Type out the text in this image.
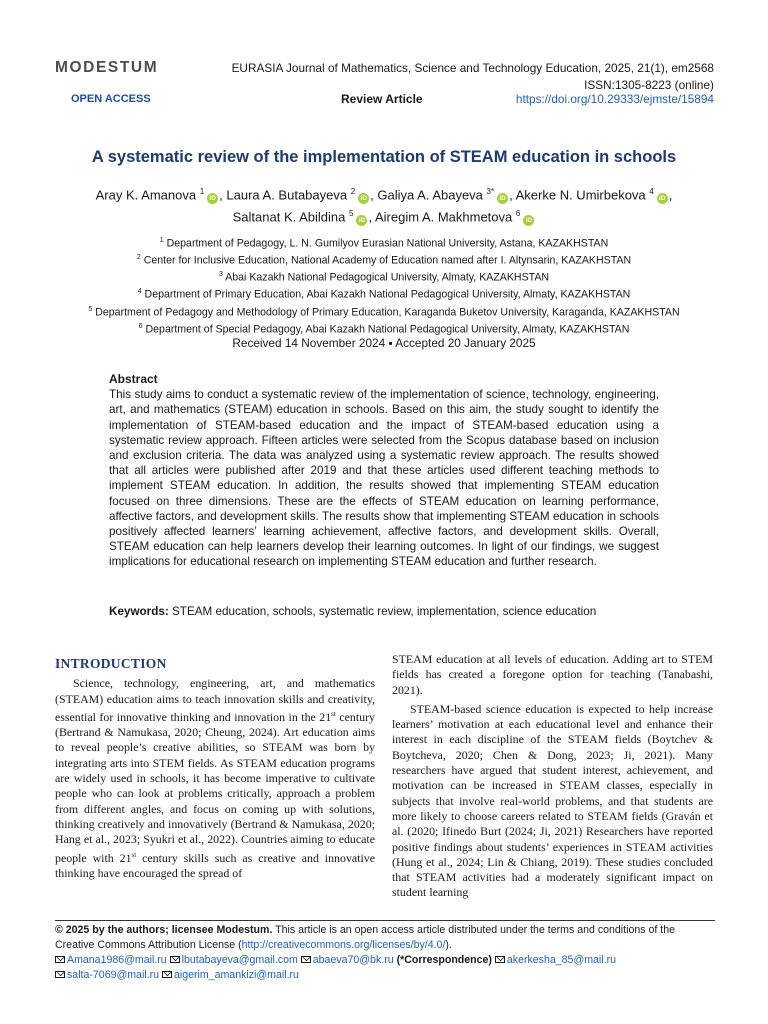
MODESTUM	EURASIA Journal of Mathematics, Science and Technology Education, 2025, 21(1), em2568
ISSN:1305-8223 (online)
OPEN ACCESS	Review Article	https://doi.org/10.29333/ejmste/15894
A systematic review of the implementation of STEAM education in schools
Aray K. Amanova $^1$iD , Laura A. Butabayeva $^2$iD , Galiya A. Abayeva $^{3*}$iD , Akerke N. Umirbekova $^4$iD ,
Saltanat K. Abildina $^5$iD , Airegim A. Makhmetova $^6$iD
$^1$ Department of Pedagogy, L. N. Gumilyov Eurasian National University, Astana, KAZAKHSTAN
$^2$ Center for Inclusive Education, National Academy of Education named after I. Altynsarin, KAZAKHSTAN
$^3$ Abai Kazakh National Pedagogical University, Almaty, KAZAKHSTAN
$^4$ Department of Primary Education, Abai Kazakh National Pedagogical University, Almaty, KAZAKHSTAN
$^5$ Department of Pedagogy and Methodology of Primary Education, Karaganda Buketov University, Karaganda, KAZAKHSTAN
$^6$ Department of Special Pedagogy, Abai Kazakh National Pedagogical University, Almaty, KAZAKHSTAN
Received 14 November 2024 ▪ Accepted 20 January 2025
Abstract
This study aims to conduct a systematic review of the implementation of science, technology, engineering, art, and mathematics (STEAM) education in schools. Based on this aim, the study sought to identify the implementation of STEAM-based education and the impact of STEAM-based education using a systematic review approach. Fifteen articles were selected from the Scopus database based on inclusion and exclusion criteria. The data was analyzed using a systematic review approach. The results showed that all articles were published after 2019 and that these articles used different teaching methods to implement STEAM education. In addition, the results showed that implementing STEAM education focused on three dimensions. These are the effects of STEAM education on learning performance, affective factors, and development skills. The results show that implementing STEAM education in schools positively affected learners’ learning achievement, affective factors, and development skills. Overall, STEAM education can help learners develop their learning outcomes. In light of our findings, we suggest implications for educational research on implementing STEAM education and further research.
Keywords: STEAM education, schools, systematic review, implementation, science education
INTRODUCTION

Science, technology, engineering, art, and mathematics (STEAM) education aims to teach innovation skills and creativity, essential for innovative thinking and innovation in the 21st century (Bertrand & Namukasa, 2020; Cheung, 2024). Art education aims to reveal people’s creative abilities, so STEAM was born by integrating arts into STEM fields. As STEAM education programs are widely used in schools, it has become imperative to cultivate people who can look at problems critically, approach a problem from different angles, and focus on coming up with solutions, thinking creatively and innovatively (Bertrand & Namukasa, 2020; Hang et al., 2023; Syukri et al., 2022). Countries aiming to educate people with 21st century skills such as creative and innovative thinking have encouraged the spread of

STEAM education at all levels of education. Adding art to STEM fields has created a foregone option for teaching (Tanabashi, 2021).

STEAM-based science education is expected to help increase learners’ motivation at each educational level and enhance their interest in each discipline of the STEAM fields (Boytchev & Boytcheva, 2020; Chen & Dong, 2023; Ji, 2021). Many researchers have argued that student interest, achievement, and motivation can be increased in STEAM classes, especially in subjects that involve real-world problems, and that students are more likely to choose careers related to STEAM fields (Graván et al. (2020; Ifinedo Burt (2024; Ji, 2021) Researchers have reported positive findings about students’ experiences in STEAM activities (Hung et al., 2024; Lin & Chiang, 2019). These studies concluded that STEAM activities had a moderately significant impact on student learning

© 2025 by the authors; licensee Modestum. This article is an open access article distributed under the terms and conditions of the Creative Commons Attribution License (http://creativecommons.org/licenses/by/4.0/).
Amana1986@mail.ru lbutabayeva@gmail.com abaeva70@bk.ru (*Correspondence) akerkesha_85@mail.ru
salta-7069@mail.ru aigerim_amankizi@mail.ru
